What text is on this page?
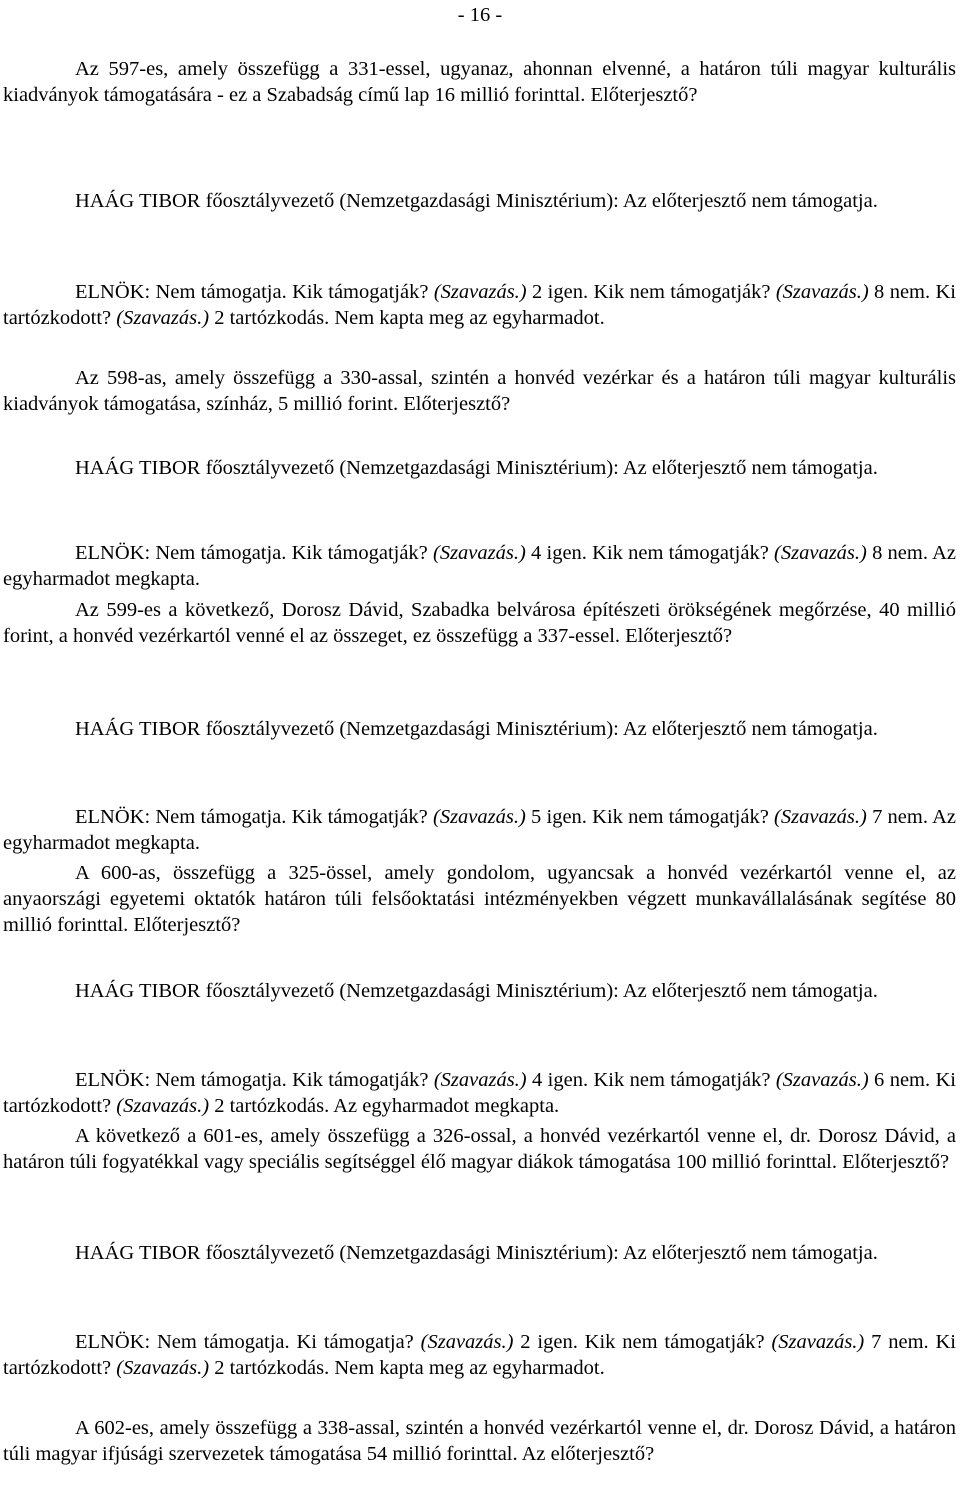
- 16 -
Az 597-es, amely összefügg a 331-essel, ugyanaz, ahonnan elvenné, a határon túli magyar kulturális kiadványok támogatására - ez a Szabadság című lap 16 millió forinttal. Előterjesztő?
HAÁG TIBOR főosztályvezető (Nemzetgazdasági Minisztérium): Az előterjesztő nem támogatja.
ELNÖK: Nem támogatja. Kik támogatják? (Szavazás.) 2 igen. Kik nem támogatják? (Szavazás.) 8 nem. Ki tartózkodott? (Szavazás.) 2 tartózkodás. Nem kapta meg az egyharmadot.
Az 598-as, amely összefügg a 330-assal, szintén a honvéd vezérkar és a határon túli magyar kulturális kiadványok támogatása, színház, 5 millió forint. Előterjesztő?
HAÁG TIBOR főosztályvezető (Nemzetgazdasági Minisztérium): Az előterjesztő nem támogatja.
ELNÖK: Nem támogatja. Kik támogatják? (Szavazás.) 4 igen. Kik nem támogatják? (Szavazás.) 8 nem. Az egyharmadot megkapta.
Az 599-es a következő, Dorosz Dávid, Szabadka belvárosa építészeti örökségének megőrzése, 40 millió forint, a honvéd vezérkartól venné el az összeget, ez összefügg a 337-essel. Előterjesztő?
HAÁG TIBOR főosztályvezető (Nemzetgazdasági Minisztérium): Az előterjesztő nem támogatja.
ELNÖK: Nem támogatja. Kik támogatják? (Szavazás.) 5 igen. Kik nem támogatják? (Szavazás.) 7 nem. Az egyharmadot megkapta.
A 600-as, összefügg a 325-össel, amely gondolom, ugyancsak a honvéd vezérkartól venne el, az anyaországi egyetemi oktatók határon túli felsőoktatási intézményekben végzett munkavállalásának segítése 80 millió forinttal. Előterjesztő?
HAÁG TIBOR főosztályvezető (Nemzetgazdasági Minisztérium): Az előterjesztő nem támogatja.
ELNÖK: Nem támogatja. Kik támogatják? (Szavazás.) 4 igen. Kik nem támogatják? (Szavazás.) 6 nem. Ki tartózkodott? (Szavazás.) 2 tartózkodás. Az egyharmadot megkapta.
A következő a 601-es, amely összefügg a 326-ossal, a honvéd vezérkartól venne el, dr. Dorosz Dávid, a határon túli fogyatékkal vagy speciális segítséggel élő magyar diákok támogatása 100 millió forinttal. Előterjesztő?
HAÁG TIBOR főosztályvezető (Nemzetgazdasági Minisztérium): Az előterjesztő nem támogatja.
ELNÖK: Nem támogatja. Ki támogatja? (Szavazás.) 2 igen. Kik nem támogatják? (Szavazás.) 7 nem. Ki tartózkodott? (Szavazás.) 2 tartózkodás. Nem kapta meg az egyharmadot.
A 602-es, amely összefügg a 338-assal, szintén a honvéd vezérkartól venne el, dr. Dorosz Dávid, a határon túli magyar ifjúsági szervezetek támogatása 54 millió forinttal. Az előterjesztő?
